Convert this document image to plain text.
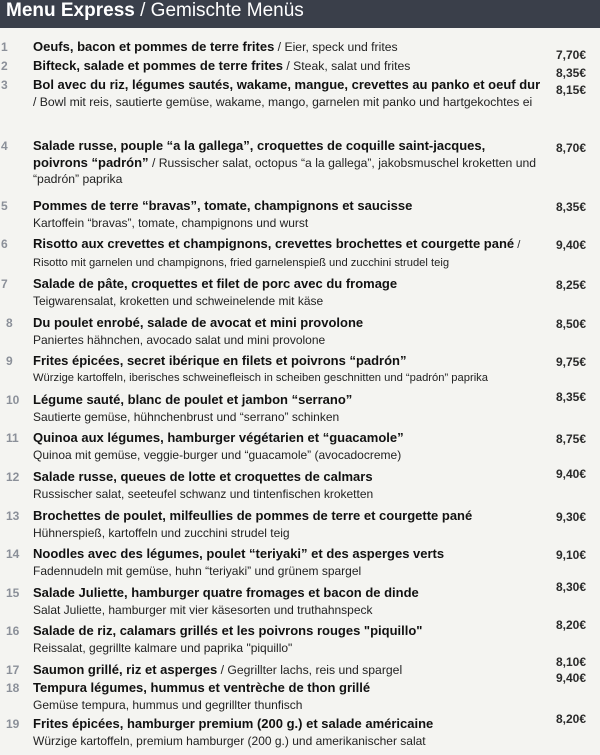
Menu Express / Gemischte Menüs
1	Oeufs, bacon et pommes de terre frites / Eier, speck und frites
7,70€
2	Bifteck, salade et pommes de terre frites / Steak, salat und frites	8,35€
3	Bol avec du riz, légumes sautés, wakame, mangue, crevettes au panko et oeuf dur / Bowl mit reis, sautierte gemüse, wakame, mango, garnelen mit panko und hartgekochtes ei
8,15€
4	Salade russe, pouple “a la gallega”, croquettes de coquille saint-jacques, poivrons “padrón” / Russischer salat, octopus “a la gallega”, jakobsmuschel kroketten und “padrón” paprika
8,70€
5	Pommes de terre “bravas”, tomate, champignons et saucisse
Kartoffein “bravas”, tomate, champignons und wurst
8,35€
6	Risotto aux crevettes et champignons, crevettes brochettes et courgette pané / Risotto mit garnelen und champignons, fried garnelenspieß und zucchini strudel teig
9,40€
7	Salade de pâte, croquettes et filet de porc avec du fromage
Teigwarensalat, kroketten und schweinelende mit käse
8,25€
8	Du poulet enrobé, salade de avocat et mini provolone
Paniertes hähnchen, avocado salat und mini provolone
8,50€
9	Frites épicées, secret ibérique en filets et poivrons “padrón”
Würzige kartoffeln, iberisches schweinefleisch in scheiben geschnitten und “padrón” paprika
9,75€
10	Légume sauté, blanc de poulet et jambon “serrano”
Sautierte gemüse, hühnchenbrust und “serrano” schinken
8,35€
11	Quinoa aux légumes, hamburger végétarien et “guacamole”
Quinoa mit gemüse, veggie-burger und “guacamole” (avocadocreme)
8,75€
12	Salade russe, queues de lotte et croquettes de calmars
Russischer salat, seeteufel schwanz und tintenfischen kroketten
9,40€
13	Brochettes de poulet, milfeullies de pommes de terre et courgette pané
Hühnerspieß, kartoffeln und zucchini strudel teig
9,30€
14	Noodles avec des légumes, poulet “teriyaki” et des asperges verts
Fadennudeln mit gemüse, huhn “teriyaki” und grünem spargel
9,10€
15	Salade Juliette, hamburger quatre fromages et bacon de dinde
Salat Juliette, hamburger mit vier käsesorten und truthahnspeck
8,30€
16	Salade de riz, calamars grillés et les poivrons rouges "piquillo"
Reissalat, gegrillte kalmare und paprika "piquillo"
8,20€
17	Saumon grillé, riz et asperges / Gegrillter lachs, reis und spargel
8,10€
18	Tempura légumes, hummus et ventrèche de thon grillé
Gemüse tempura, hummus und gegrillter thunfisch
9,40€
19	Frites épicées, hamburger premium (200 g.) et salade américaine
Würzige kartoffeln, premium hamburger (200 g.) und amerikanischer salat
8,20€
